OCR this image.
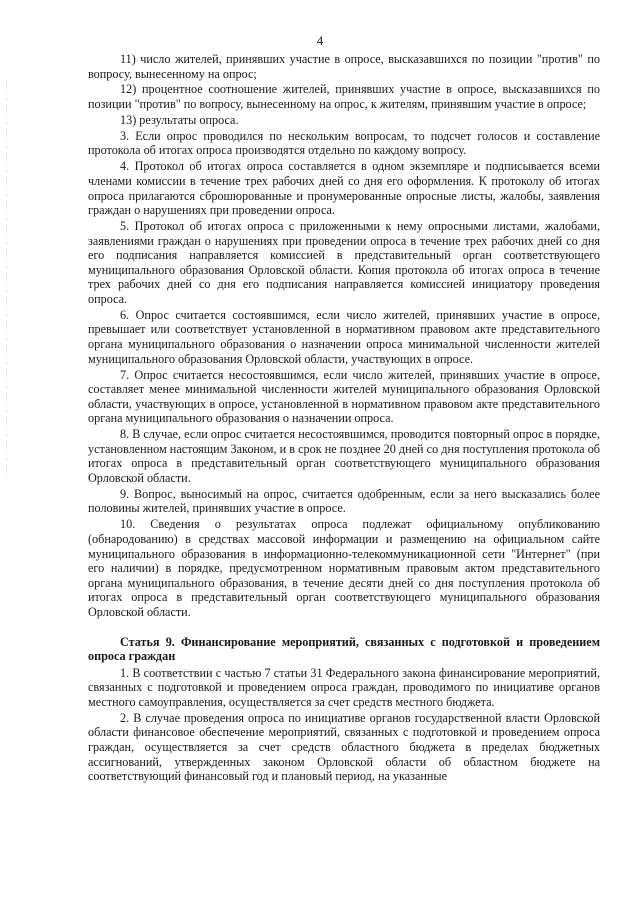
4

11) число жителей, принявших участие в опросе, высказавшихся по позиции "против" по вопросу, вынесенному на опрос;

12) процентное соотношение жителей, принявших участие в опросе, высказавшихся по позиции "против" по вопросу, вынесенному на опрос, к жителям, принявшим участие в опросе;

13) результаты опроса.

3. Если опрос проводился по нескольким вопросам, то подсчет голосов и составление протокола об итогах опроса производятся отдельно по каждому вопросу.

4. Протокол об итогах опроса составляется в одном экземпляре и подписывается всеми членами комиссии в течение трех рабочих дней со дня его оформления. К протоколу об итогах опроса прилагаются сброшюрованные и пронумерованные опросные листы, жалобы, заявления граждан о нарушениях при проведении опроса.

5. Протокол об итогах опроса с приложенными к нему опросными листами, жалобами, заявлениями граждан о нарушениях при проведении опроса в течение трех рабочих дней со дня его подписания направляется комиссией в представительный орган соответствующего муниципального образования Орловской области. Копия протокола об итогах опроса в течение трех рабочих дней со дня его подписания направляется комиссией инициатору проведения опроса.

6. Опрос считается состоявшимся, если число жителей, принявших участие в опросе, превышает или соответствует установленной в нормативном правовом акте представительного органа муниципального образования о назначении опроса минимальной численности жителей муниципального образования Орловской области, участвующих в опросе.

7. Опрос считается несостоявшимся, если число жителей, принявших участие в опросе, составляет менее минимальной численности жителей муниципального образования Орловской области, участвующих в опросе, установленной в нормативном правовом акте представительного органа муниципального образования о назначении опроса.

8. В случае, если опрос считается несостоявшимся, проводится повторный опрос в порядке, установленном настоящим Законом, и в срок не позднее 20 дней со дня поступления протокола об итогах опроса в представительный орган соответствующего муниципального образования Орловской области.

9. Вопрос, выносимый на опрос, считается одобренным, если за него высказались более половины жителей, принявших участие в опросе.

10. Сведения о результатах опроса подлежат официальному опубликованию (обнародованию) в средствах массовой информации и размещению на официальном сайте муниципального образования в информационно-телекоммуникационной сети "Интернет" (при его наличии) в порядке, предусмотренном нормативным правовым актом представительного органа муниципального образования, в течение десяти дней со дня поступления протокола об итогах опроса в представительный орган соответствующего муниципального образования Орловской области.

Статья 9. Финансирование мероприятий, связанных с подготовкой и проведением опроса граждан

1. В соответствии с частью 7 статьи 31 Федерального закона финансирование мероприятий, связанных с подготовкой и проведением опроса граждан, проводимого по инициативе органов местного самоуправления, осуществляется за счет средств местного бюджета.

2. В случае проведения опроса по инициативе органов государственной власти Орловской области финансовое обеспечение мероприятий, связанных с подготовкой и проведением опроса граждан, осуществляется за счет средств областного бюджета в пределах бюджетных ассигнований, утвержденных законом Орловской области об областном бюджете на соответствующий финансовый год и плановый период, на указанные
